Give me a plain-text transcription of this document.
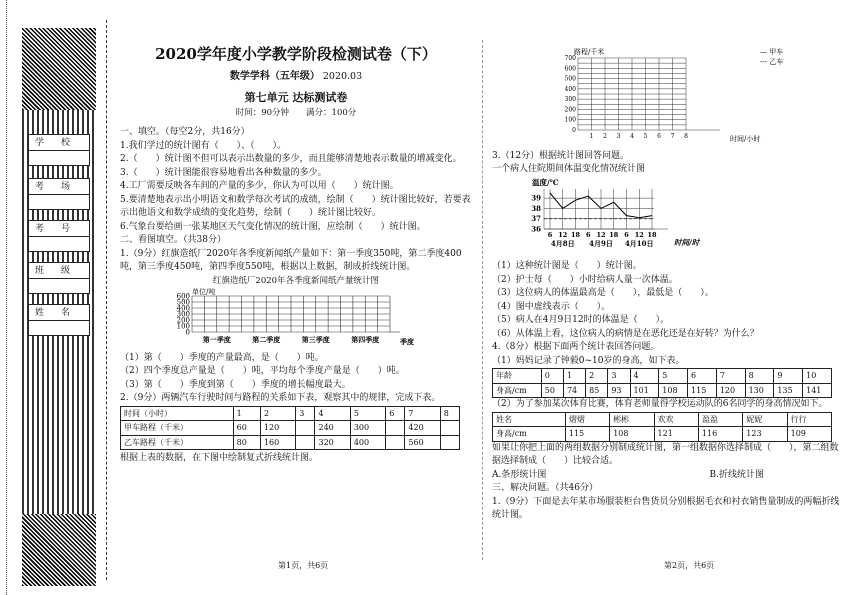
学　校
考　场
考　号
班　级
姓　名
2020学年度小学教学阶段检测试卷（下）
数学学科（五年级） 2020.03
第七单元 达标测试卷
时间：90分钟　　满分：100分
一、填空。（每空2分，共16分）
1.我们学过的统计图有（　　）、（　　）。
2.（　　）统计图不但可以表示出数量的多少，而且能够清楚地表示数量的增减变化。
3.（　　）统计图能很容易地看出各种数量的多少。
4.工厂需要反映各车间的产量的多少，你认为可以用（　　）统计图。
5.要清楚地表示出小明语文和数学每次考试的成绩，绘制（　　）统计图比较好，若要表示出他语文和数学成绩的变化趋势，绘制（　　）统计图比较好。
6.气象台要给画一张某地区天气变化情况的统计图，应绘制（　　）统计图。
二、看图填空。（共38分）
1.（9分）红旗造纸厂2020年各季度新闻纸产量如下：第一季度350吨，第二季度400吨，第三季度450吨，第四季度550吨，根据以上数据，制成折线统计图。
红旗造纸厂2020年各季度新闻纸产量统计图
单位/吨
600
500
400
300
200
100
0
第一季度	第二季度	第三季度	第四季度	季度
（1）第（　　）季度的产量最高，是（　　）吨。
（2）四个季度总产量是（　　）吨，平均每个季度产量是（　　）吨。
（3）第（　　）季度到第（　　）季度的增长幅度最大。
2.（9分）两辆汽车行驶时间与路程的关系如下表，观察其中的规律，完成下表。
时间（小时）	1	2	3	4	5	6	7	8
甲车路程（千米）	60	120		240	300		420	
乙车路程（千米）	80	160		320	400		560	
根据上表的数据，在下图中绘制复式折线统计图。
第1页，共6页
路程/千米	— 甲车
--- 乙车
700
600
500
400
300
200
100
0
1 2 3 4 5 6 7 8	时间/小时
3.（12分）根据统计图回答问题。
一个病人住院期间体温变化情况统计图
温度/℃
39
38
37
36
6 12 18 6 12 18 6 12 18
4月8日 4月9日 4月10日	时间/时
（1）这种统计图是（　　）统计图。
（2）护士每（　　）小时给病人量一次体温。
（3）这位病人的体温最高是（　　），最低是（　　）。
（4）图中虚线表示（　　）。
（5）病人在4月9日12时的体温是（　　）。
（6）从体温上看，这位病人的病情是在恶化还是在好转？为什么？
4.（8分）根据下面两个统计表回答问题。
（1）妈妈记录了钟毅0~10岁的身高，如下表。
年龄	0	1	2	3	4	5	6	7	8	9	10
身高/cm	50	74	85	93	101	108	115	120	130	135	141
（2）为了参加某次体育比赛，体育老师量得学校运动队的6名同学的身高情况如下。
姓名	熠熠	彬彬	欢欢	盈盈	妮妮	行行
身高/cm	115	108	121	116	123	109
如果让你把上面的两组数据分别制成统计图，第一组数据你选择制成（　　），第二组数据选择制成（　　）比较合适。
A.条形统计图	B.折线统计图
三、解决问题。（共46分）
1.（9分）下面是去年某市场服装柜台售货员分别根据毛衣和衬衣销售量制成的两幅折线统计图。
第2页，共6页
